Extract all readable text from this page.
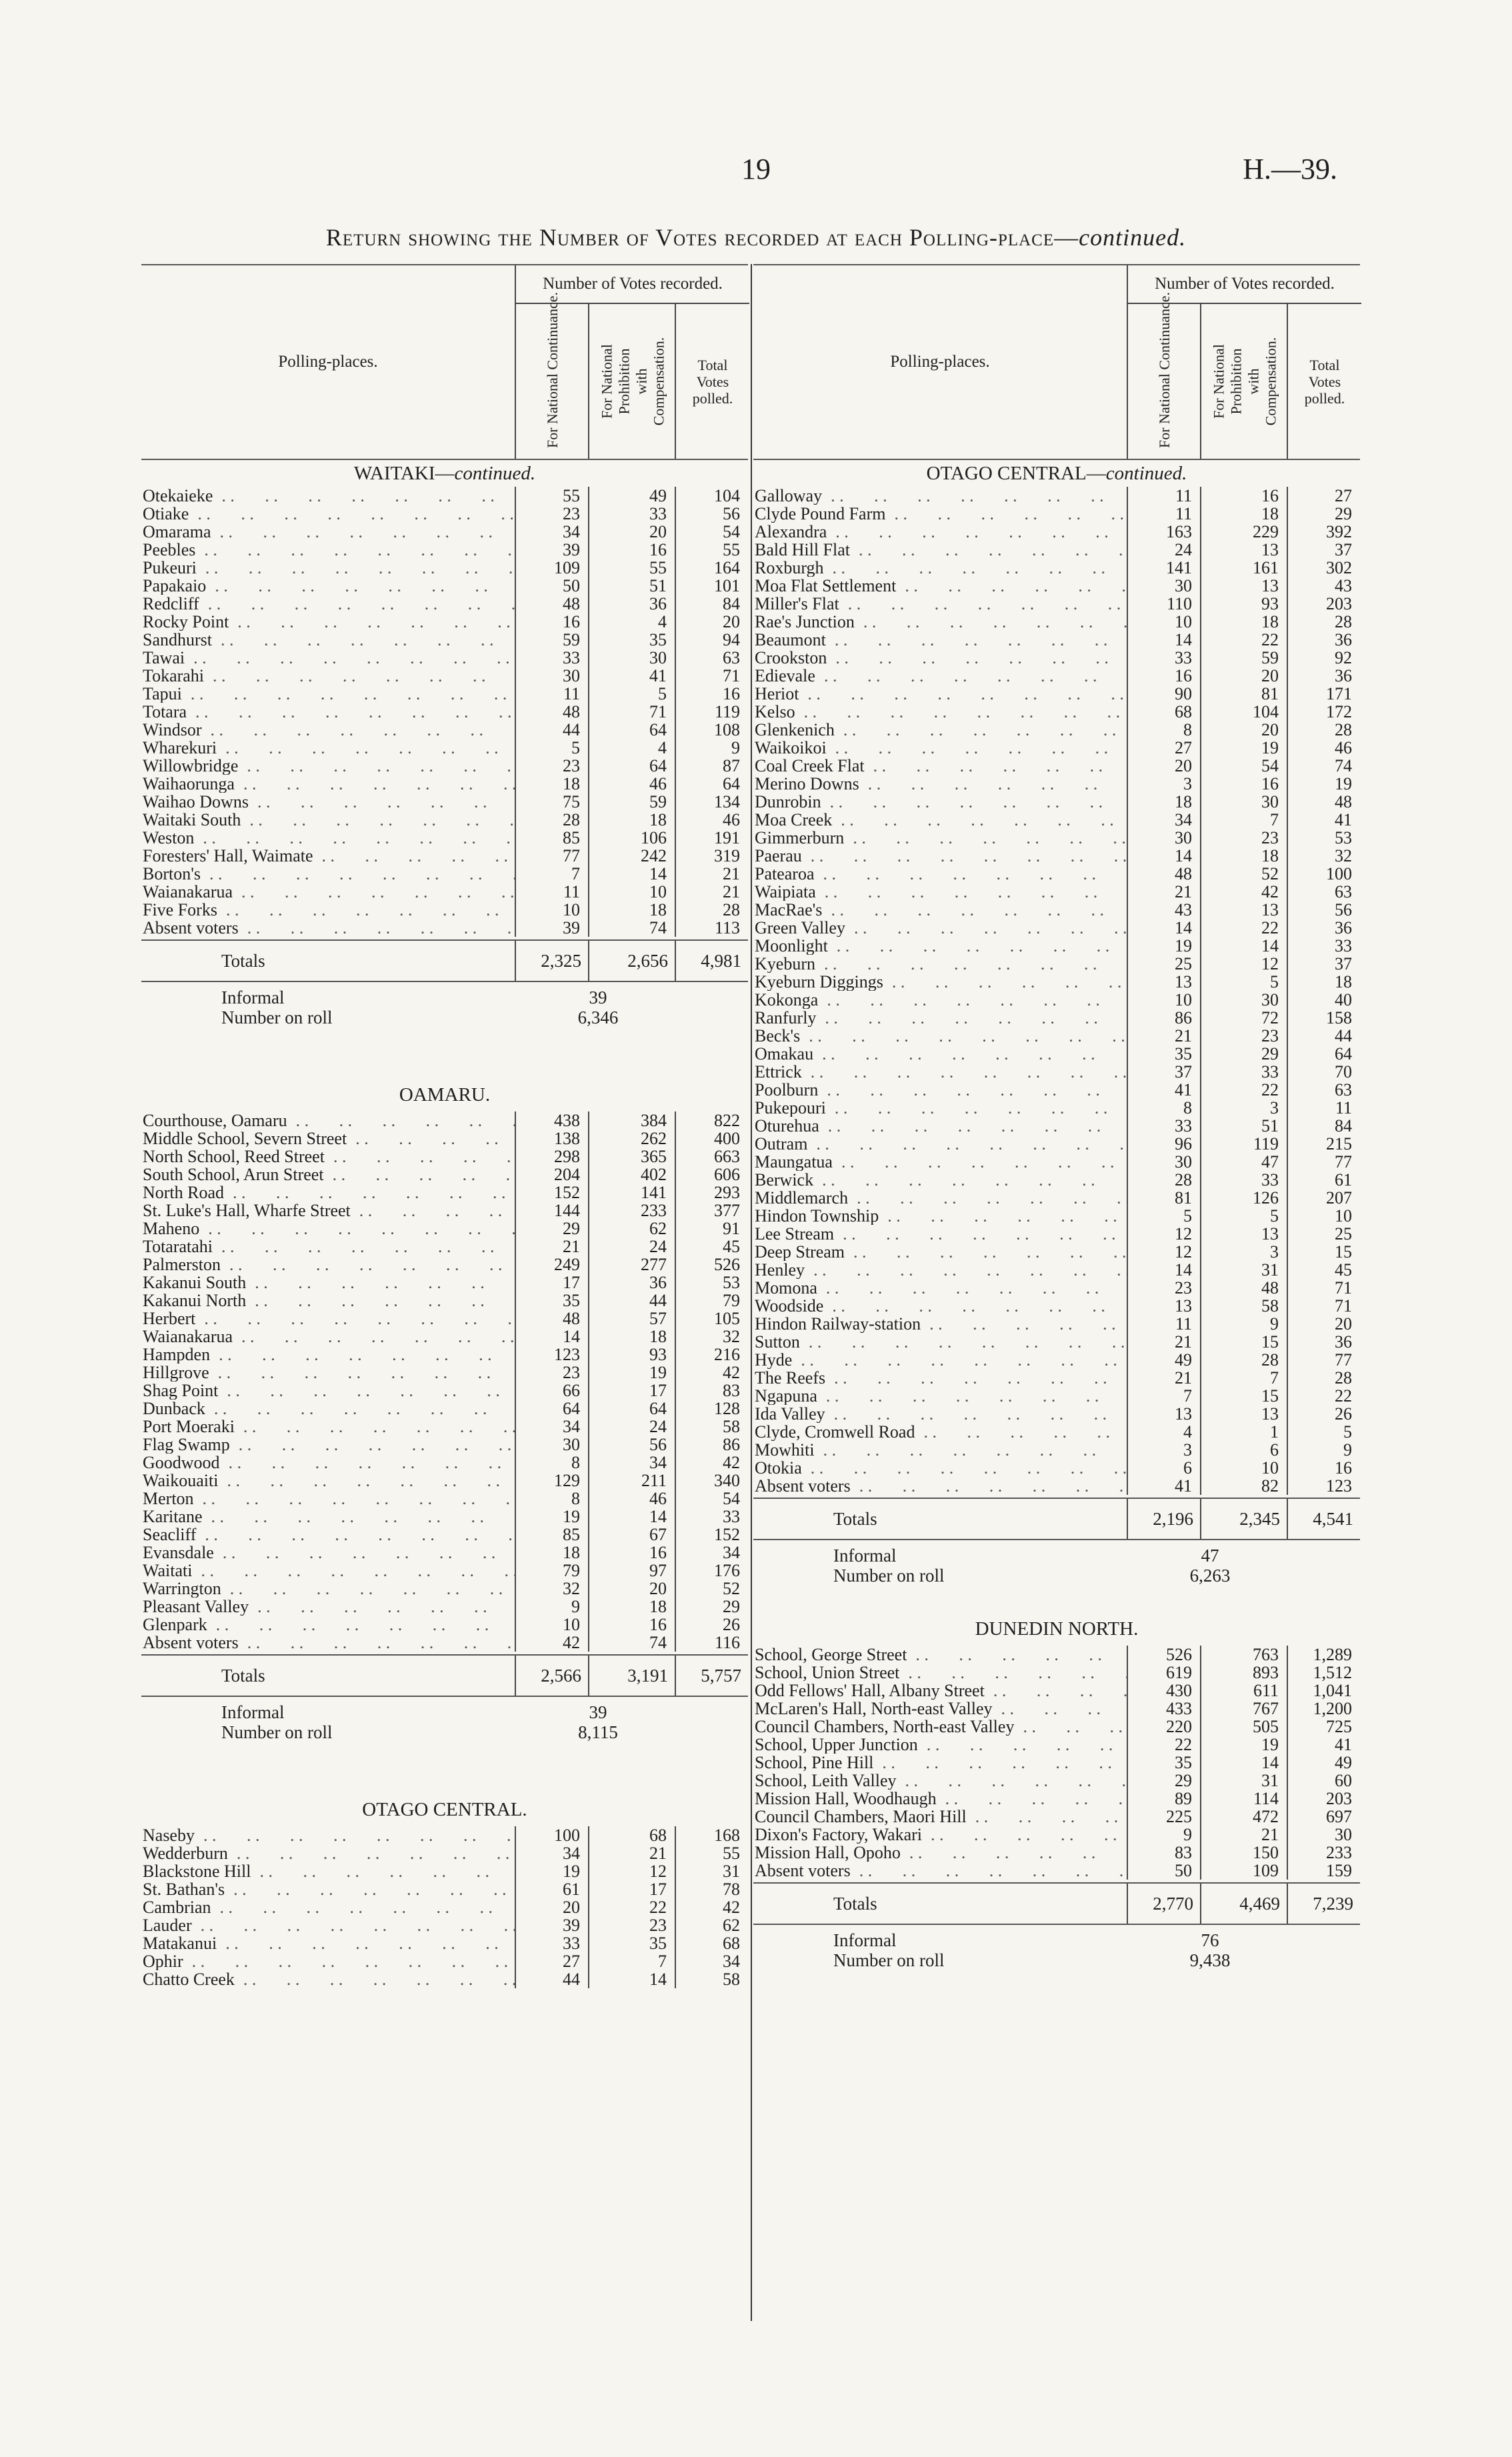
19	H.—39.
Return showing the Number of Votes recorded at each Polling-place—continued.
Polling-places.
Number of Votes recorded.
For National Continuance.	For National Prohibition with Compensation.	Total Votes polled.
WAITAKI—continued.
Otekaieke . .	55	49	104
Otiake . .	23	33	56
Omarama . .	34	20	54
Peebles . .	39	16	55
Pukeuri . .	109	55	164
Papakaio . .	50	51	101
Redcliff . .	48	36	84
Rocky Point . .	16	4	20
Sandhurst . .	59	35	94
Tawai . .	33	30	63
Tokarahi . .	30	41	71
Tapui . .	11	5	16
Totara . .	48	71	119
Windsor . .	44	64	108
Wharekuri . .	5	4	9
Willowbridge . .	23	64	87
Waihaorunga . .	18	46	64
Waihao Downs . .	75	59	134
Waitaki South . .	28	18	46
Weston . .	85	106	191
Foresters' Hall, Waimate . .	77	242	319
Borton's . .	7	14	21
Waianakarua . .	11	10	21
Five Forks . .	10	18	28
Absent voters . .	39	74	113
Totals	2,325	2,656	4,981
Informal	39
Number on roll	6,346
OAMARU.
Courthouse, Oamaru . .	438	384	822
Middle School, Severn Street . .	138	262	400
North School, Reed Street . .	298	365	663
South School, Arun Street . .	204	402	606
North Road . .	152	141	293
St. Luke's Hall, Wharfe Street . .	144	233	377
Maheno . .	29	62	91
Totaratahi . .	21	24	45
Palmerston . .	249	277	526
Kakanui South . .	17	36	53
Kakanui North . .	35	44	79
Herbert . .	48	57	105
Waianakarua . .	14	18	32
Hampden . .	123	93	216
Hillgrove . .	23	19	42
Shag Point . .	66	17	83
Dunback . .	64	64	128
Port Moeraki . .	34	24	58
Flag Swamp . .	30	56	86
Goodwood . .	8	34	42
Waikouaiti . .	129	211	340
Merton . .	8	46	54
Karitane . .	19	14	33
Seacliff . .	85	67	152
Evansdale . .	18	16	34
Waitati . .	79	97	176
Warrington . .	32	20	52
Pleasant Valley . .	9	18	29
Glenpark . .	10	16	26
Absent voters . .	42	74	116
Totals	2,566	3,191	5,757
Informal	39
Number on roll	8,115
OTAGO CENTRAL.
Naseby . .	100	68	168
Wedderburn . .	34	21	55
Blackstone Hill . .	19	12	31
St. Bathan's . .	61	17	78
Cambrian . .	20	22	42
Lauder . .	39	23	62
Matakanui . .	33	35	68
Ophir . .	27	7	34
Chatto Creek . .	44	14	58
Polling-places.
Number of Votes recorded.
For National Continuance.	For National Prohibition with Compensation.	Total Votes polled.
OTAGO CENTRAL—continued.
Galloway . .	11	16	27
Clyde Pound Farm . .	11	18	29
Alexandra . .	163	229	392
Bald Hill Flat . .	24	13	37
Roxburgh . .	141	161	302
Moa Flat Settlement . .	30	13	43
Miller's Flat . .	110	93	203
Rae's Junction . .	10	18	28
Beaumont . .	14	22	36
Crookston . .	33	59	92
Edievale . .	16	20	36
Heriot . .	90	81	171
Kelso . .	68	104	172
Glenkenich . .	8	20	28
Waikoikoi . .	27	19	46
Coal Creek Flat . .	20	54	74
Merino Downs . .	3	16	19
Dunrobin . .	18	30	48
Moa Creek . .	34	7	41
Gimmerburn . .	30	23	53
Paerau . .	14	18	32
Patearoa . .	48	52	100
Waipiata . .	21	42	63
MacRae's . .	43	13	56
Green Valley . .	14	22	36
Moonlight . .	19	14	33
Kyeburn . .	25	12	37
Kyeburn Diggings . .	13	5	18
Kokonga . .	10	30	40
Ranfurly . .	86	72	158
Beck's . .	21	23	44
Omakau . .	35	29	64
Ettrick . .	37	33	70
Poolburn . .	41	22	63
Pukepouri . .	8	3	11
Oturehua . .	33	51	84
Outram . .	96	119	215
Maungatua . .	30	47	77
Berwick . .	28	33	61
Middlemarch . .	81	126	207
Hindon Township . .	5	5	10
Lee Stream . .	12	13	25
Deep Stream . .	12	3	15
Henley . .	14	31	45
Momona . .	23	48	71
Woodside . .	13	58	71
Hindon Railway-station . .	11	9	20
Sutton . .	21	15	36
Hyde . .	49	28	77
The Reefs . .	21	7	28
Ngapuna . .	7	15	22
Ida Valley . .	13	13	26
Clyde, Cromwell Road . .	4	1	5
Mowhiti . .	3	6	9
Otokia . .	6	10	16
Absent voters . .	41	82	123
Totals	2,196	2,345	4,541
Informal	47
Number on roll	6,263
DUNEDIN NORTH.
School, George Street . .	526	763	1,289
School, Union Street . .	619	893	1,512
Odd Fellows' Hall, Albany Street . .	430	611	1,041
McLaren's Hall, North-east Valley . .	433	767	1,200
Council Chambers, North-east Valley . .	220	505	725
School, Upper Junction . .	22	19	41
School, Pine Hill . .	35	14	49
School, Leith Valley . .	29	31	60
Mission Hall, Woodhaugh . .	89	114	203
Council Chambers, Maori Hill . .	225	472	697
Dixon's Factory, Wakari . .	9	21	30
Mission Hall, Opoho . .	83	150	233
Absent voters . .	50	109	159
Totals	2,770	4,469	7,239
Informal	76
Number on roll	9,438
